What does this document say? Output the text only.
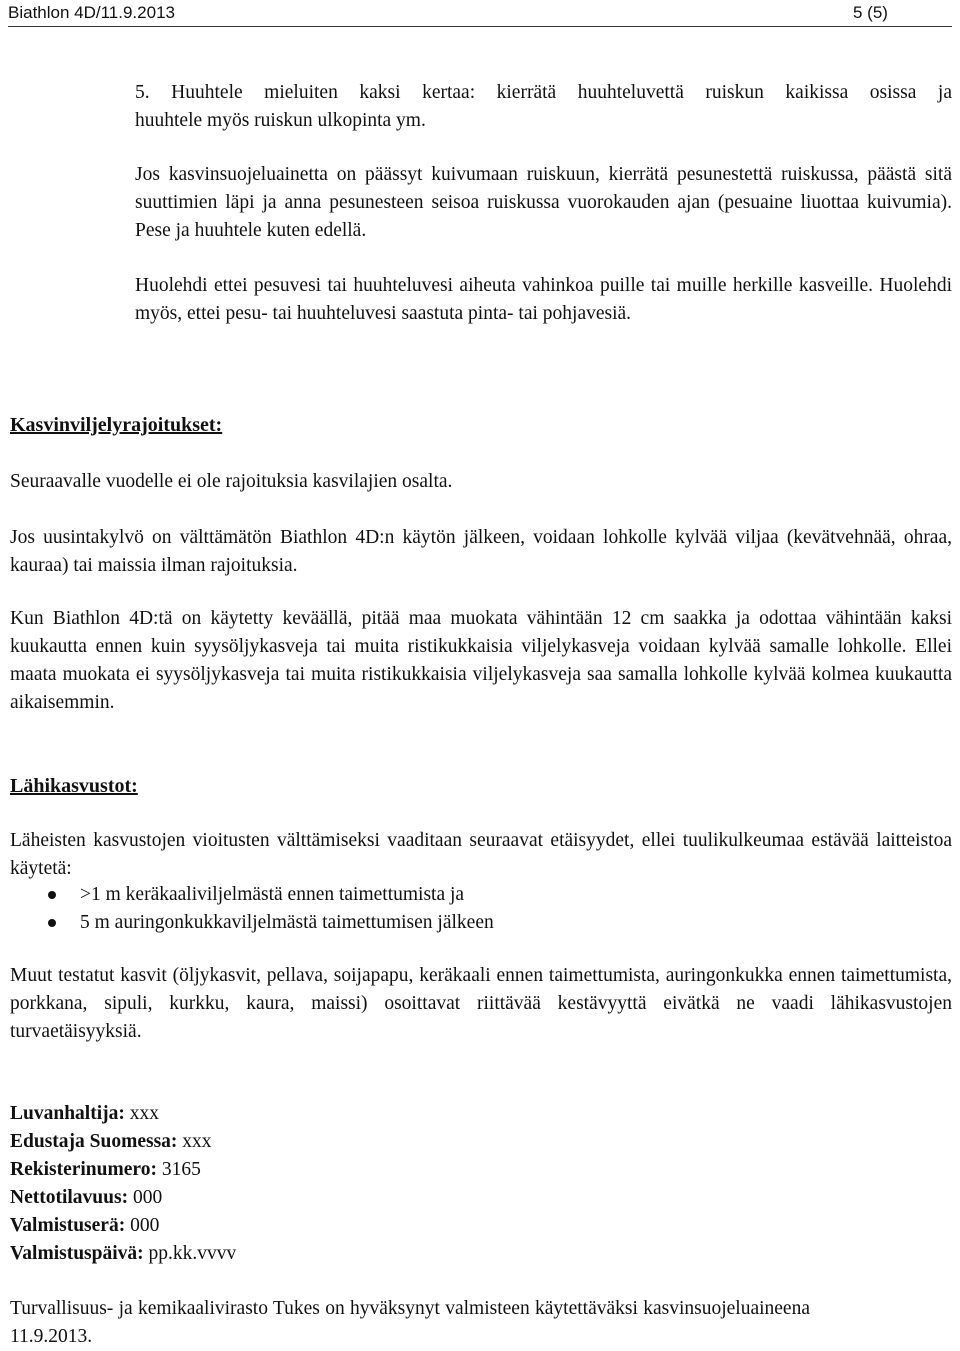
Biathlon 4D/11.9.2013	5 (5)

5. Huuhtele mieluiten kaksi kertaa: kierrätä huuhteluvettä ruiskun kaikissa osissa ja

huuhtele myös ruiskun ulkopinta ym.

Jos kasvinsuojeluainetta on päässyt kuivumaan ruiskuun, kierrätä pesunestettä ruiskussa, päästä sitä suuttimien läpi ja anna pesunesteen seisoa ruiskussa vuorokauden ajan (pesuaine liuottaa kuivumia). Pese ja huuhtele kuten edellä.

Huolehdi ettei pesuvesi tai huuhteluvesi aiheuta vahinkoa puille tai muille herkille kasveille. Huolehdi myös, ettei pesu- tai huuhteluvesi saastuta pinta- tai pohjavesiä.

Kasvinviljelyrajoitukset:

Seuraavalle vuodelle ei ole rajoituksia kasvilajien osalta.

Jos uusintakylvö on välttämätön Biathlon 4D:n käytön jälkeen, voidaan lohkolle kylvää viljaa (kevätvehnää, ohraa, kauraa) tai maissia ilman rajoituksia.

Kun Biathlon 4D:tä on käytetty keväällä, pitää maa muokata vähintään 12 cm saakka ja odottaa vähintään kaksi kuukautta ennen kuin syysöljykasveja tai muita ristikukkaisia viljelykasveja voidaan kylvää samalle lohkolle. Ellei maata muokata ei syysöljykasveja tai muita ristikukkaisia viljelykasveja saa samalla lohkolle kylvää kolmea kuukautta aikaisemmin.

Lähikasvustot:

Läheisten kasvustojen vioitusten välttämiseksi vaaditaan seuraavat etäisyydet, ellei tuulikulkeumaa estävää laitteistoa käytetä:

>1 m keräkaaliviljelmästä ennen taimettumista ja
5 m auringonkukkaviljelmästä taimettumisen jälkeen

Muut testatut kasvit (öljykasvit, pellava, soijapapu, keräkaali ennen taimettumista, auringonkukka ennen taimettumista, porkkana, sipuli, kurkku, kaura, maissi) osoittavat riittävää kestävyyttä eivätkä ne vaadi lähikasvustojen turvaetäisyyksiä.

Luvanhaltija: xxx
Edustaja Suomessa: xxx
Rekisterinumero: 3165
Nettotilavuus: 000
Valmistuserä: 000
Valmistuspäivä: pp.kk.vvvv

Turvallisuus- ja kemikaalivirasto Tukes on hyväksynyt valmisteen käytettäväksi kasvinsuojeluaineena 11.9.2013.
